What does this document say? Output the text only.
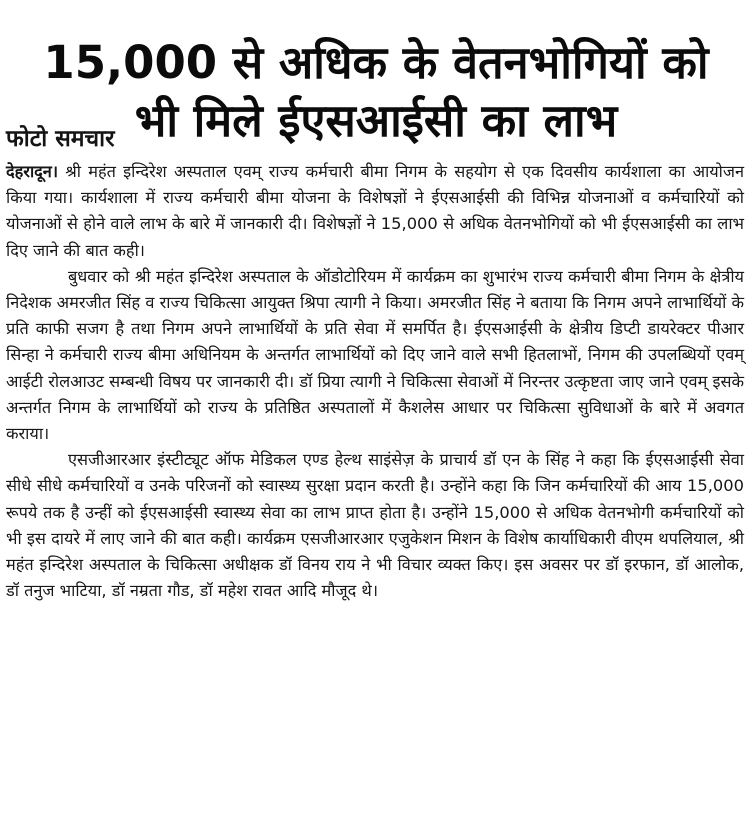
15,000 से अधिक के वेतनभोगियों को
भी मिले ईएसआईसी का लाभ
फोटो समचार

देहरादून। श्री महंत इन्दिरेश अस्पताल एवम् राज्य कर्मचारी बीमा निगम के सहयोग से एक दिवसीय कार्यशाला का आयोजन किया गया। कार्यशाला में राज्य कर्मचारी बीमा योजना के विशेषज्ञों ने ईएसआईसी की विभिन्न योजनाओं व कर्मचारियों को योजनाओं से होने वाले लाभ के बारे में जानकारी दी। विशेषज्ञों ने 15,000 से अधिक वेतनभोगियों को भी ईएसआईसी का लाभ दिए जाने की बात कही।

बुधवार को श्री महंत इन्दिरेश अस्पताल के ऑडोटोरियम में कार्यक्रम का शुभारंभ राज्य कर्मचारी बीमा निगम के क्षेत्रीय निदेशक अमरजीत सिंह व राज्य चिकित्सा आयुक्त श्रिपा त्यागी ने किया। अमरजीत सिंह ने बताया कि निगम अपने लाभार्थियों के प्रति काफी सजग है तथा निगम अपने लाभार्थियों के प्रति सेवा में समर्पित है। ईएसआईसी के क्षेत्रीय डिप्टी डायरेक्टर पीआर सिन्हा ने कर्मचारी राज्य बीमा अधिनियम के अन्तर्गत लाभार्थियों को दिए जाने वाले सभी हितलाभों, निगम की उपलब्धियों एवम् आईटी रोलआउट सम्बन्धी विषय पर जानकारी दी। डॉ प्रिया त्यागी ने चिकित्सा सेवाओं में निरन्तर उत्कृष्टता जाए जाने एवम् इसके अन्तर्गत निगम के लाभार्थियों को राज्य के प्रतिष्ठित अस्पतालों में कैशलेस आधार पर चिकित्सा सुविधाओं के बारे में अवगत कराया।

एसजीआरआर इंस्टीट्यूट ऑफ मेडिकल एण्ड हेल्थ साइंसेज़ के प्राचार्य डॉ एन के सिंह ने कहा कि ईएसआईसी सेवा सीधे सीधे कर्मचारियों व उनके परिजनों को स्वास्थ्य सुरक्षा प्रदान करती है। उन्होंने कहा कि जिन कर्मचारियों की आय 15,000 रूपये तक है उन्हीं को ईएसआईसी स्वास्थ्य सेवा का लाभ प्राप्त होता है। उन्होंने 15,000 से अधिक वेतनभोगी कर्मचारियों को भी इस दायरे में लाए जाने की बात कही। कार्यक्रम एसजीआरआर एजुकेशन मिशन के विशेष कार्याधिकारी वीएम थपलियाल, श्री महंत इन्दिरेश अस्पताल के चिकित्सा अधीक्षक डॉ विनय राय ने भी विचार व्यक्त किए। इस अवसर पर डॉ इरफान, डॉ आलोक, डॉ तनुज भाटिया, डॉ नम्रता गौड, डॉ महेश रावत आदि मौजूद थे।
